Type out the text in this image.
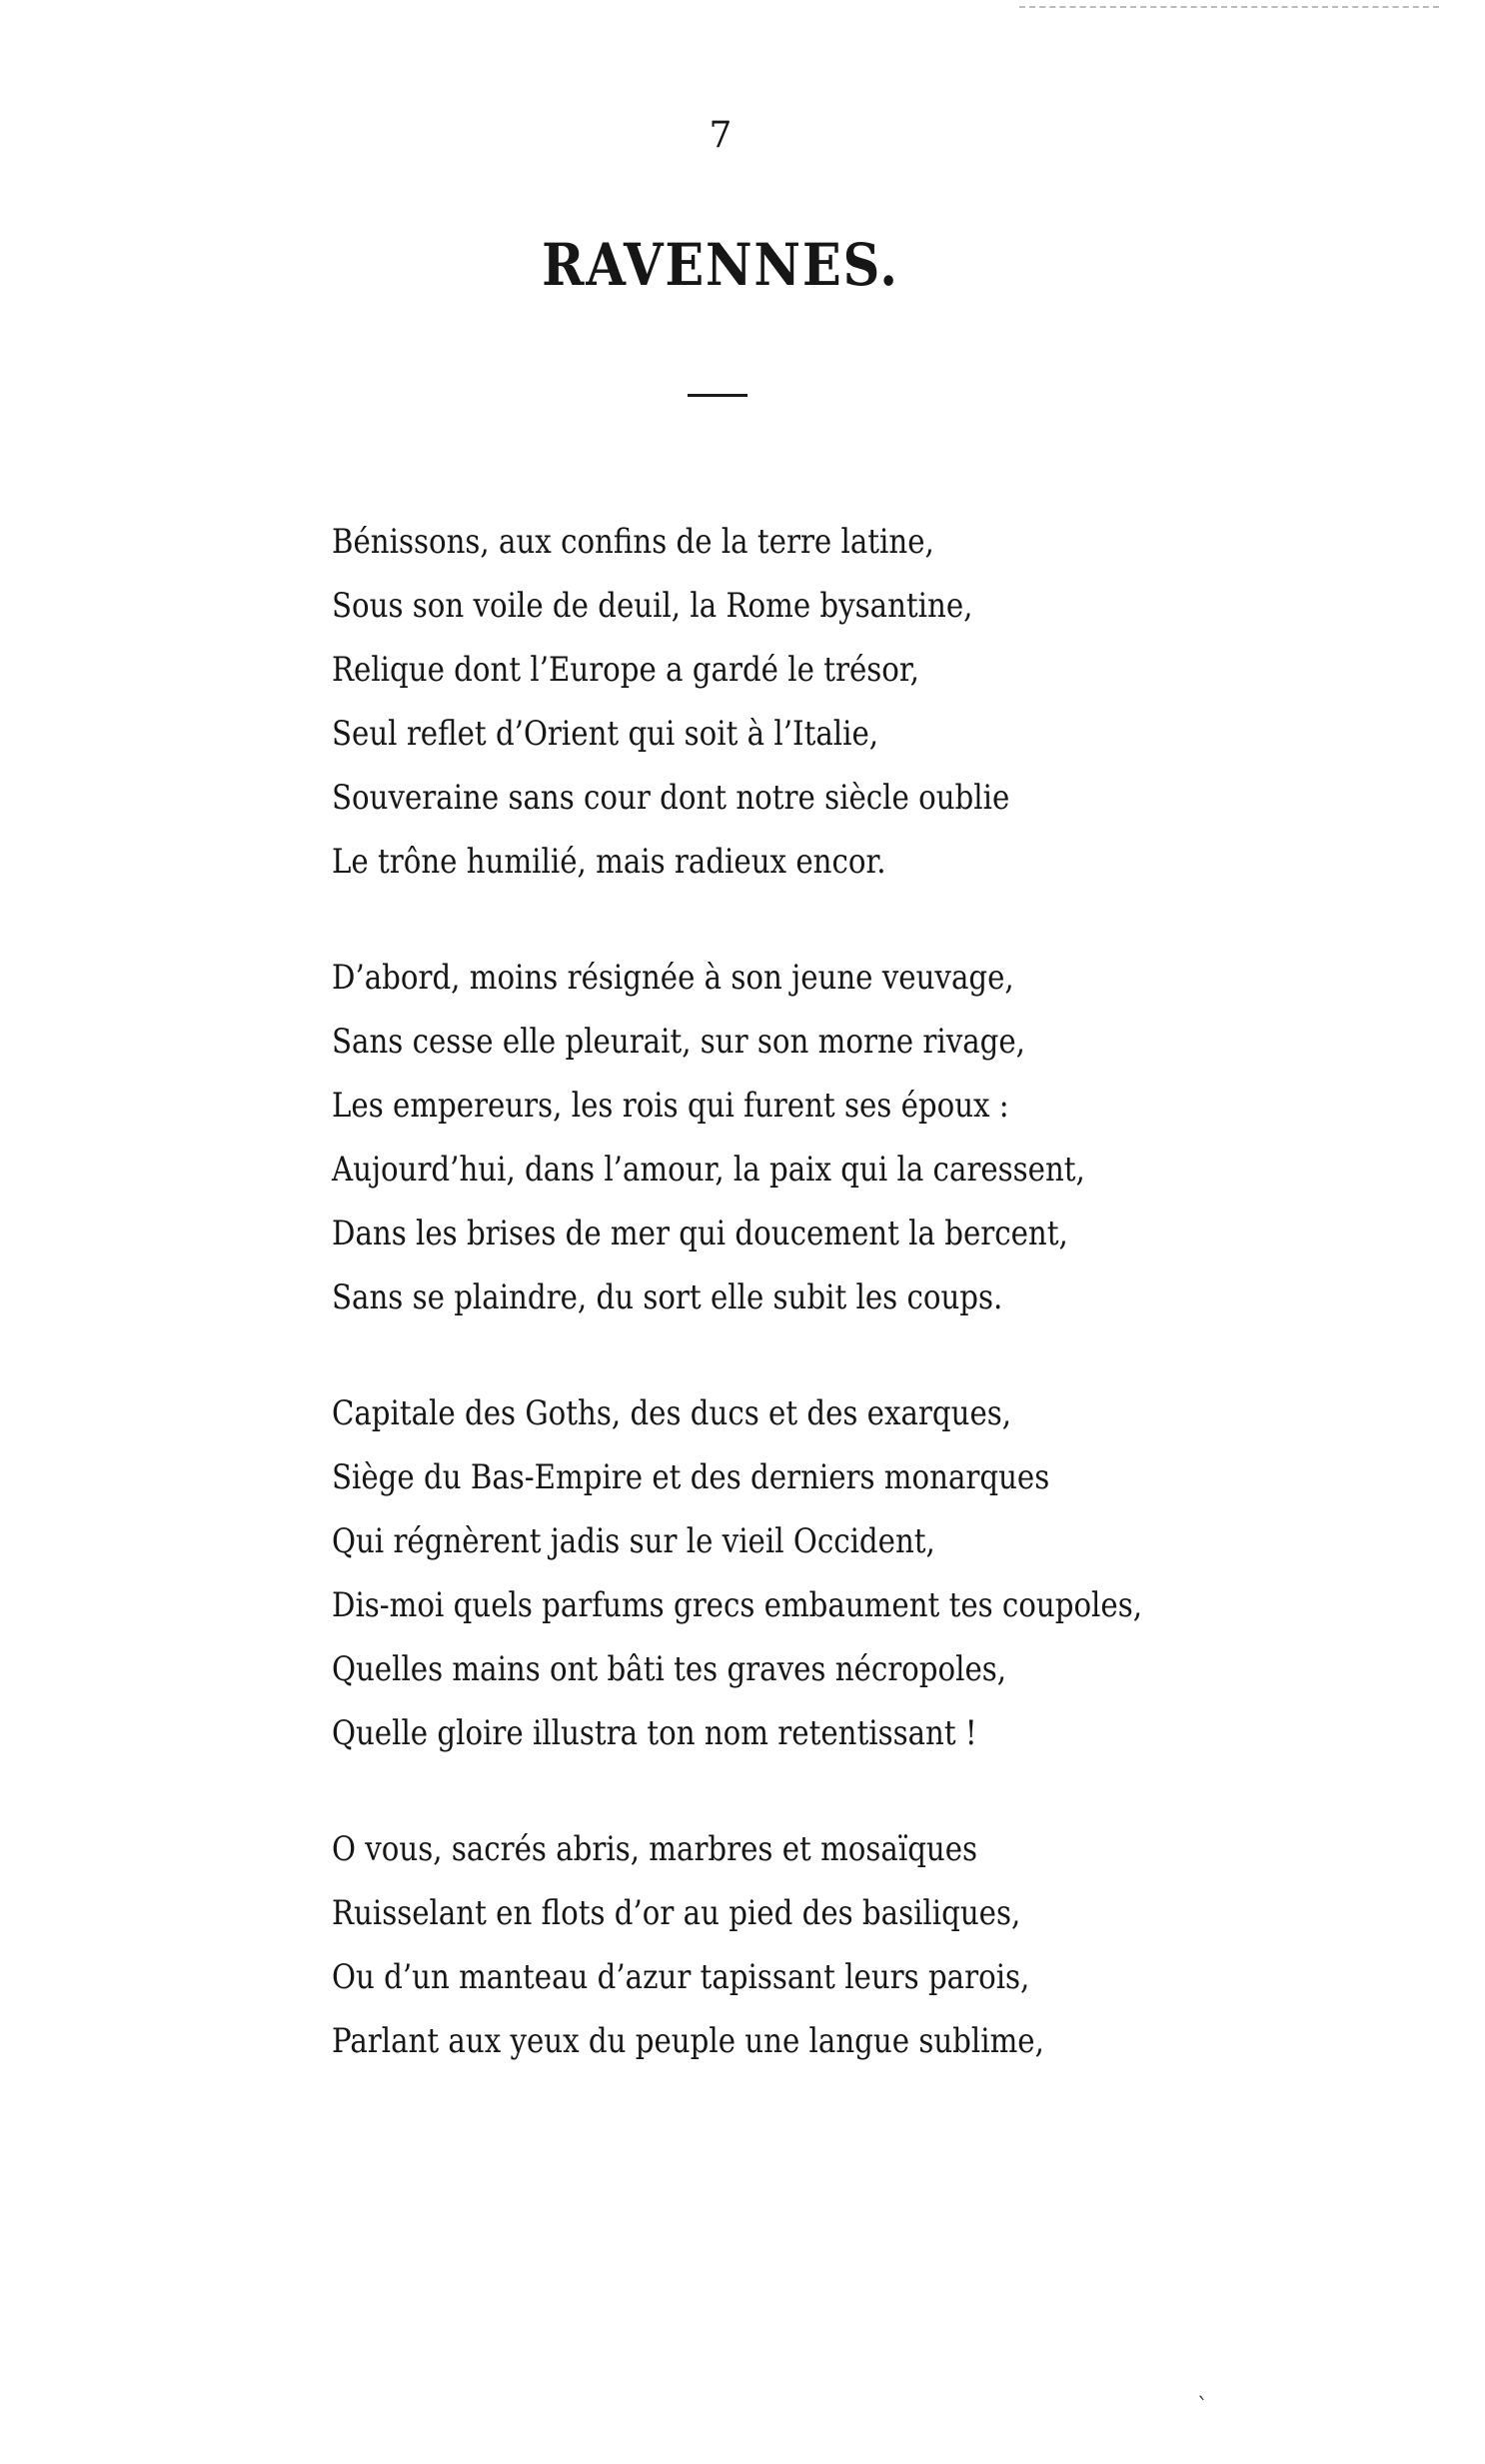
7
RAVENNES.
Bénissons, aux confins de la terre latine,
Sous son voile de deuil, la Rome bysantine,
Relique dont l’Europe a gardé le trésor,
Seul reflet d’Orient qui soit à l’Italie,
Souveraine sans cour dont notre siècle oublie
Le trône humilié, mais radieux encor.
D’abord, moins résignée à son jeune veuvage,
Sans cesse elle pleurait, sur son morne rivage,
Les empereurs, les rois qui furent ses époux :
Aujourd’hui, dans l’amour, la paix qui la caressent,
Dans les brises de mer qui doucement la bercent,
Sans se plaindre, du sort elle subit les coups.
Capitale des Goths, des ducs et des exarques,
Siège du Bas-Empire et des derniers monarques
Qui régnèrent jadis sur le vieil Occident,
Dis-moi quels parfums grecs embaument tes coupoles,
Quelles mains ont bâti tes graves nécropoles,
Quelle gloire illustra ton nom retentissant !
O vous, sacrés abris, marbres et mosaïques
Ruisselant en flots d’or au pied des basiliques,
Ou d’un manteau d’azur tapissant leurs parois,
Parlant aux yeux du peuple une langue sublime,
`
